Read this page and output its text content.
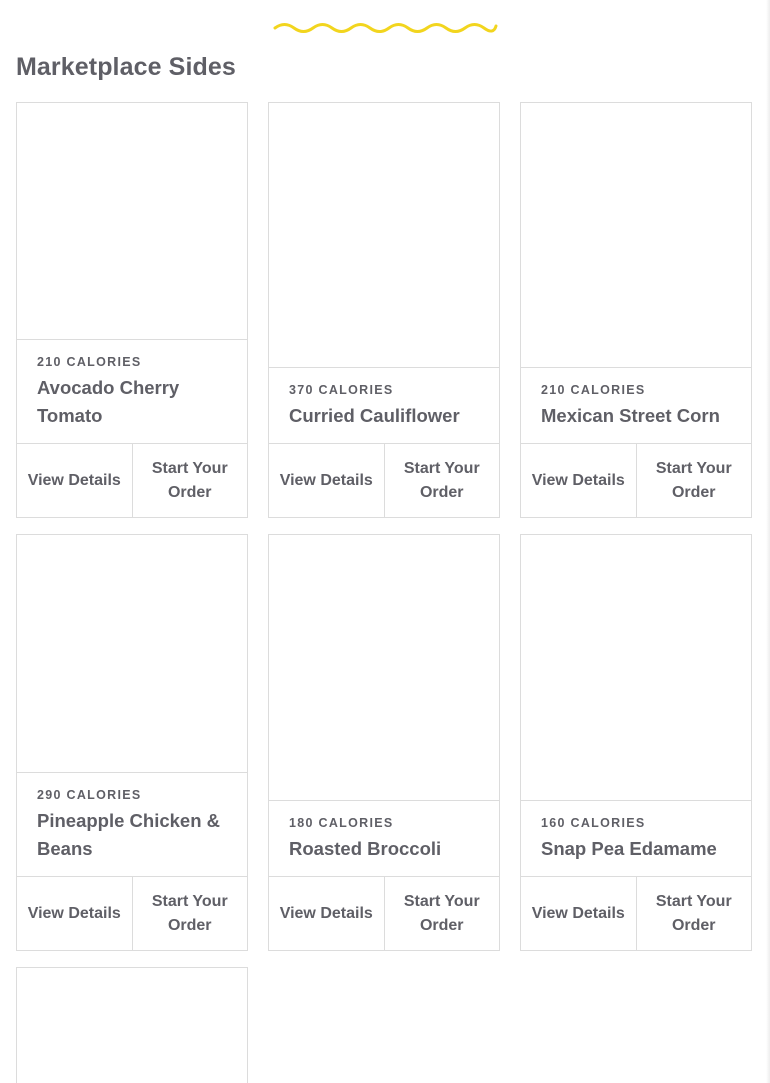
Marketplace Sides
210 CALORIES
Avocado Cherry Tomato
View Details
Start Your Order
370 CALORIES
Curried Cauliflower
View Details
Start Your Order
210 CALORIES
Mexican Street Corn
View Details
Start Your Order
290 CALORIES
Pineapple Chicken & Beans
View Details
Start Your Order
180 CALORIES
Roasted Broccoli
View Details
Start Your Order
160 CALORIES
Snap Pea Edamame
View Details
Start Your Order
